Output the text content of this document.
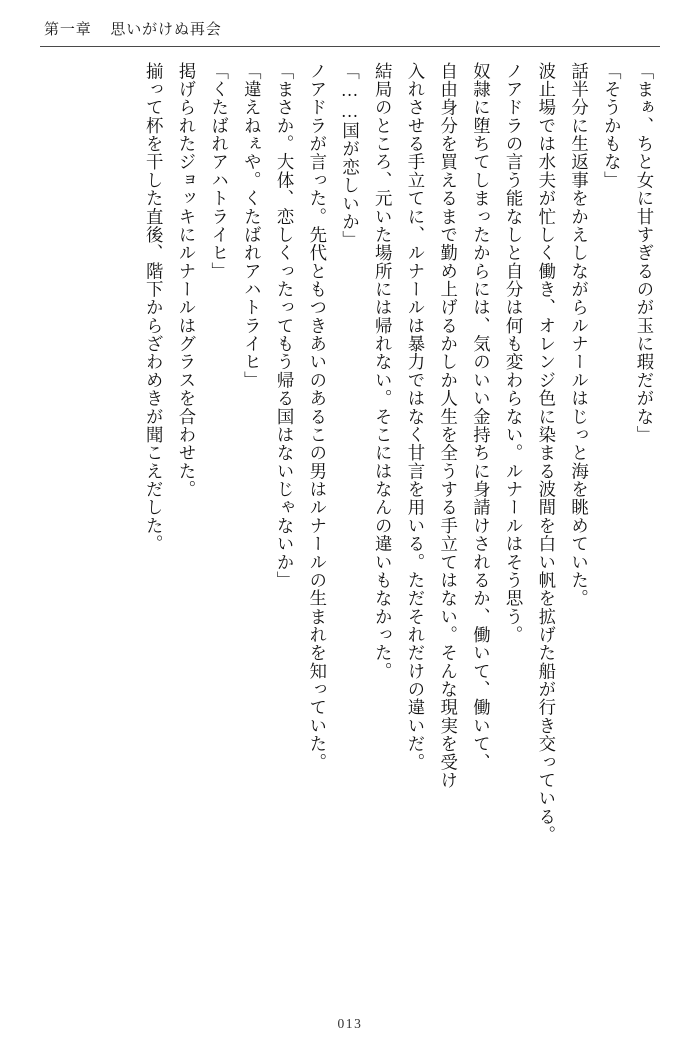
第一章 思いがけぬ再会
「まぁ、ちと女に甘すぎるのが玉に瑕だがな」
「そうかもな」
話半分に生返事をかえしながらルナールはじっと海を眺めていた。
波止場では水夫が忙しく働き、オレンジ色に染まる波間を白い帆を拡げた船が行き交っている。
ノアドラの言う能なしと自分は何も変わらない。ルナールはそう思う。
奴隷に堕ちてしまったからには、気のいい金持ちに身請けされるか、働いて、働いて、
自由身分を買えるまで勤め上げるかしか人生を全うする手立てはない。そんな現実を受け
入れさせる手立てに、ルナールは暴力ではなく甘言を用いる。ただそれだけの違いだ。
結局のところ、元いた場所には帰れない。そこにはなんの違いもなかった。
「……国が恋しいか」
ノアドラが言った。先代ともつきあいのあるこの男はルナールの生まれを知っていた。
「まさか。大体、恋しくったってもう帰る国はないじゃないか」
「違えねぇや。くたばれアハトライヒ」
「くたばれアハトライヒ」
掲げられたジョッキにルナールはグラスを合わせた。
揃って杯を干した直後、階下からざわめきが聞こえだした。
013
